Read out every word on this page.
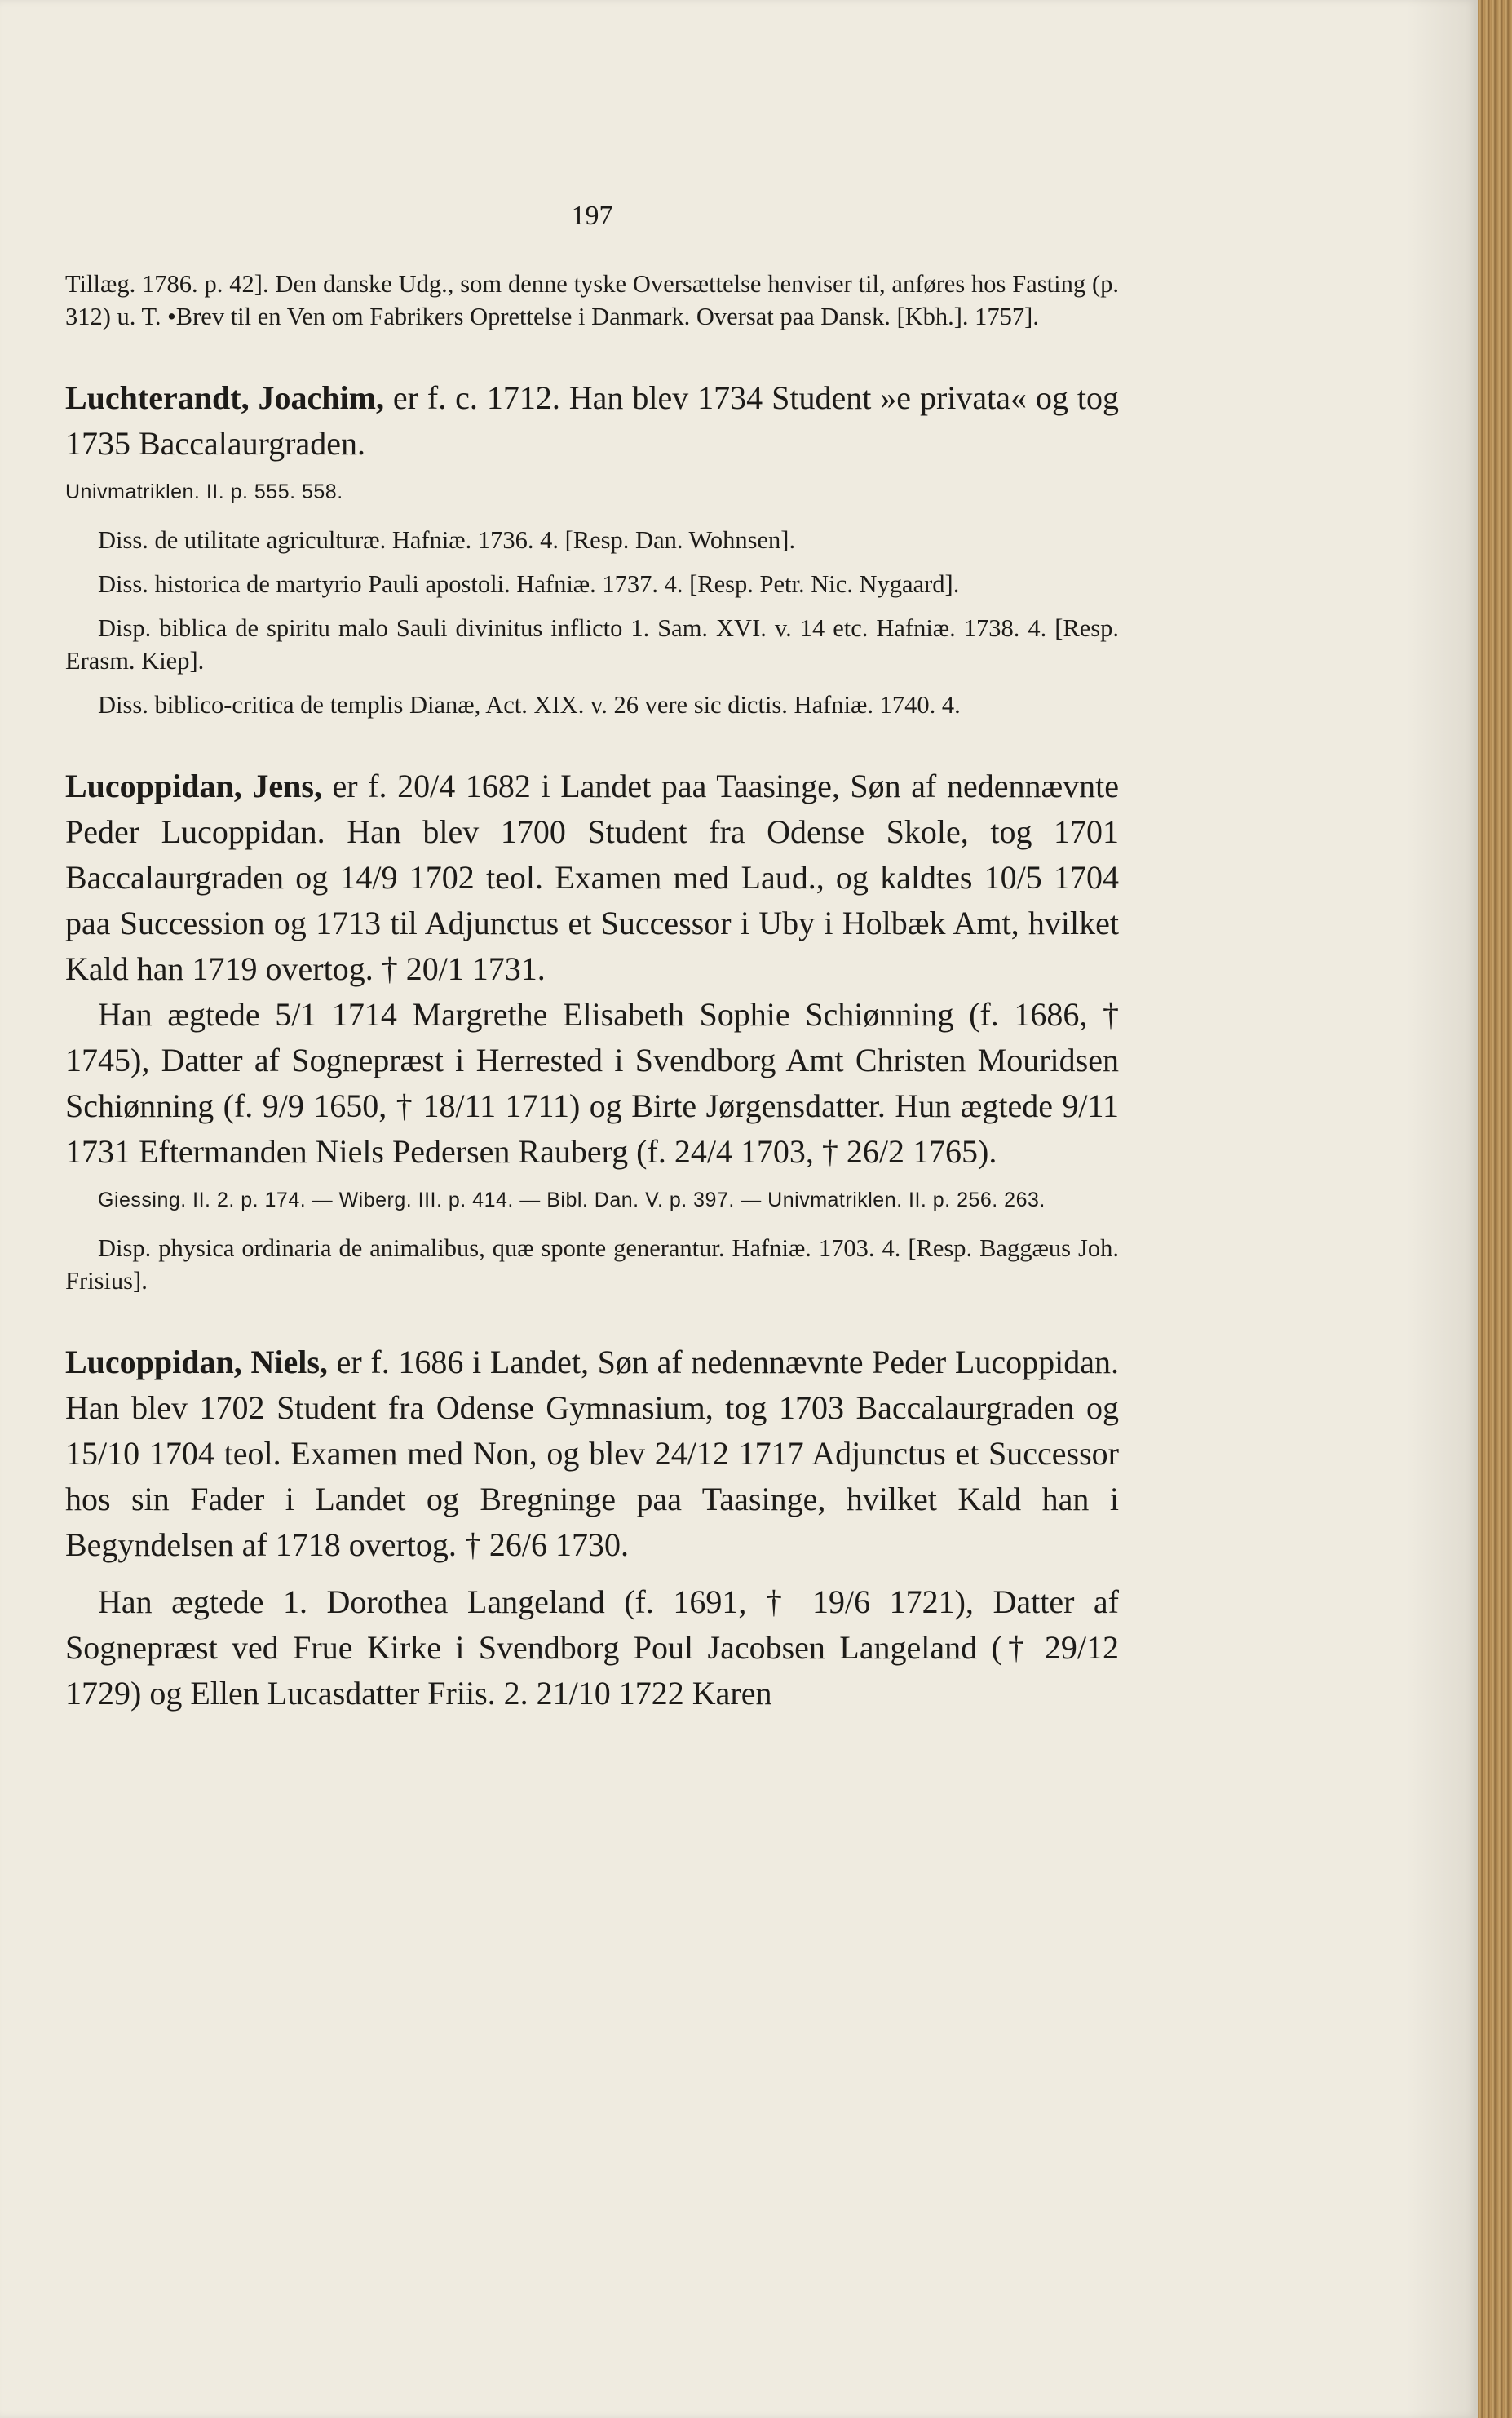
197

Tillæg. 1786. p. 42]. Den danske Udg., som denne tyske Oversættelse henviser til, anføres hos Fasting (p. 312) u. T. •Brev til en Ven om Fabrikers Oprettelse i Danmark. Oversat paa Dansk. [Kbh.]. 1757].

Luchterandt, Joachim, er f. c. 1712. Han blev 1734 Student »e privata« og tog 1735 Baccalaurgraden.

Univmatriklen. II. p. 555. 558.

Diss. de utilitate agriculturæ. Hafniæ. 1736. 4. [Resp. Dan. Wohnsen].

Diss. historica de martyrio Pauli apostoli. Hafniæ. 1737. 4. [Resp. Petr. Nic. Nygaard].

Disp. biblica de spiritu malo Sauli divinitus inflicto 1. Sam. XVI. v. 14 etc. Hafniæ. 1738. 4. [Resp. Erasm. Kiep].

Diss. biblico-critica de templis Dianæ, Act. XIX. v. 26 vere sic dictis. Hafniæ. 1740. 4.

Lucoppidan, Jens, er f. 20/4 1682 i Landet paa Taasinge, Søn af nedennævnte Peder Lucoppidan. Han blev 1700 Student fra Odense Skole, tog 1701 Baccalaurgraden og 14/9 1702 teol. Examen med Laud., og kaldtes 10/5 1704 paa Succession og 1713 til Adjunctus et Successor i Uby i Holbæk Amt, hvilket Kald han 1719 overtog. † 20/1 1731.

Han ægtede 5/1 1714 Margrethe Elisabeth Sophie Schiønning (f. 1686, † 1745), Datter af Sognepræst i Herrested i Svendborg Amt Christen Mouridsen Schiønning (f. 9/9 1650, † 18/11 1711) og Birte Jørgensdatter. Hun ægtede 9/11 1731 Eftermanden Niels Pedersen Rauberg (f. 24/4 1703, † 26/2 1765).

Giessing. II. 2. p. 174. — Wiberg. III. p. 414. — Bibl. Dan. V. p. 397. — Univmatriklen. II. p. 256. 263.

Disp. physica ordinaria de animalibus, quæ sponte generantur. Hafniæ. 1703. 4. [Resp. Baggæus Joh. Frisius].

Lucoppidan, Niels, er f. 1686 i Landet, Søn af nedennævnte Peder Lucoppidan. Han blev 1702 Student fra Odense Gymnasium, tog 1703 Baccalaurgraden og 15/10 1704 teol. Examen med Non, og blev 24/12 1717 Adjunctus et Successor hos sin Fader i Landet og Bregninge paa Taasinge, hvilket Kald han i Begyndelsen af 1718 overtog. † 26/6 1730.

Han ægtede 1. Dorothea Langeland (f. 1691, † 19/6 1721), Datter af Sognepræst ved Frue Kirke i Svendborg Poul Jacobsen Langeland († 29/12 1729) og Ellen Lucasdatter Friis. 2. 21/10 1722 Karen
